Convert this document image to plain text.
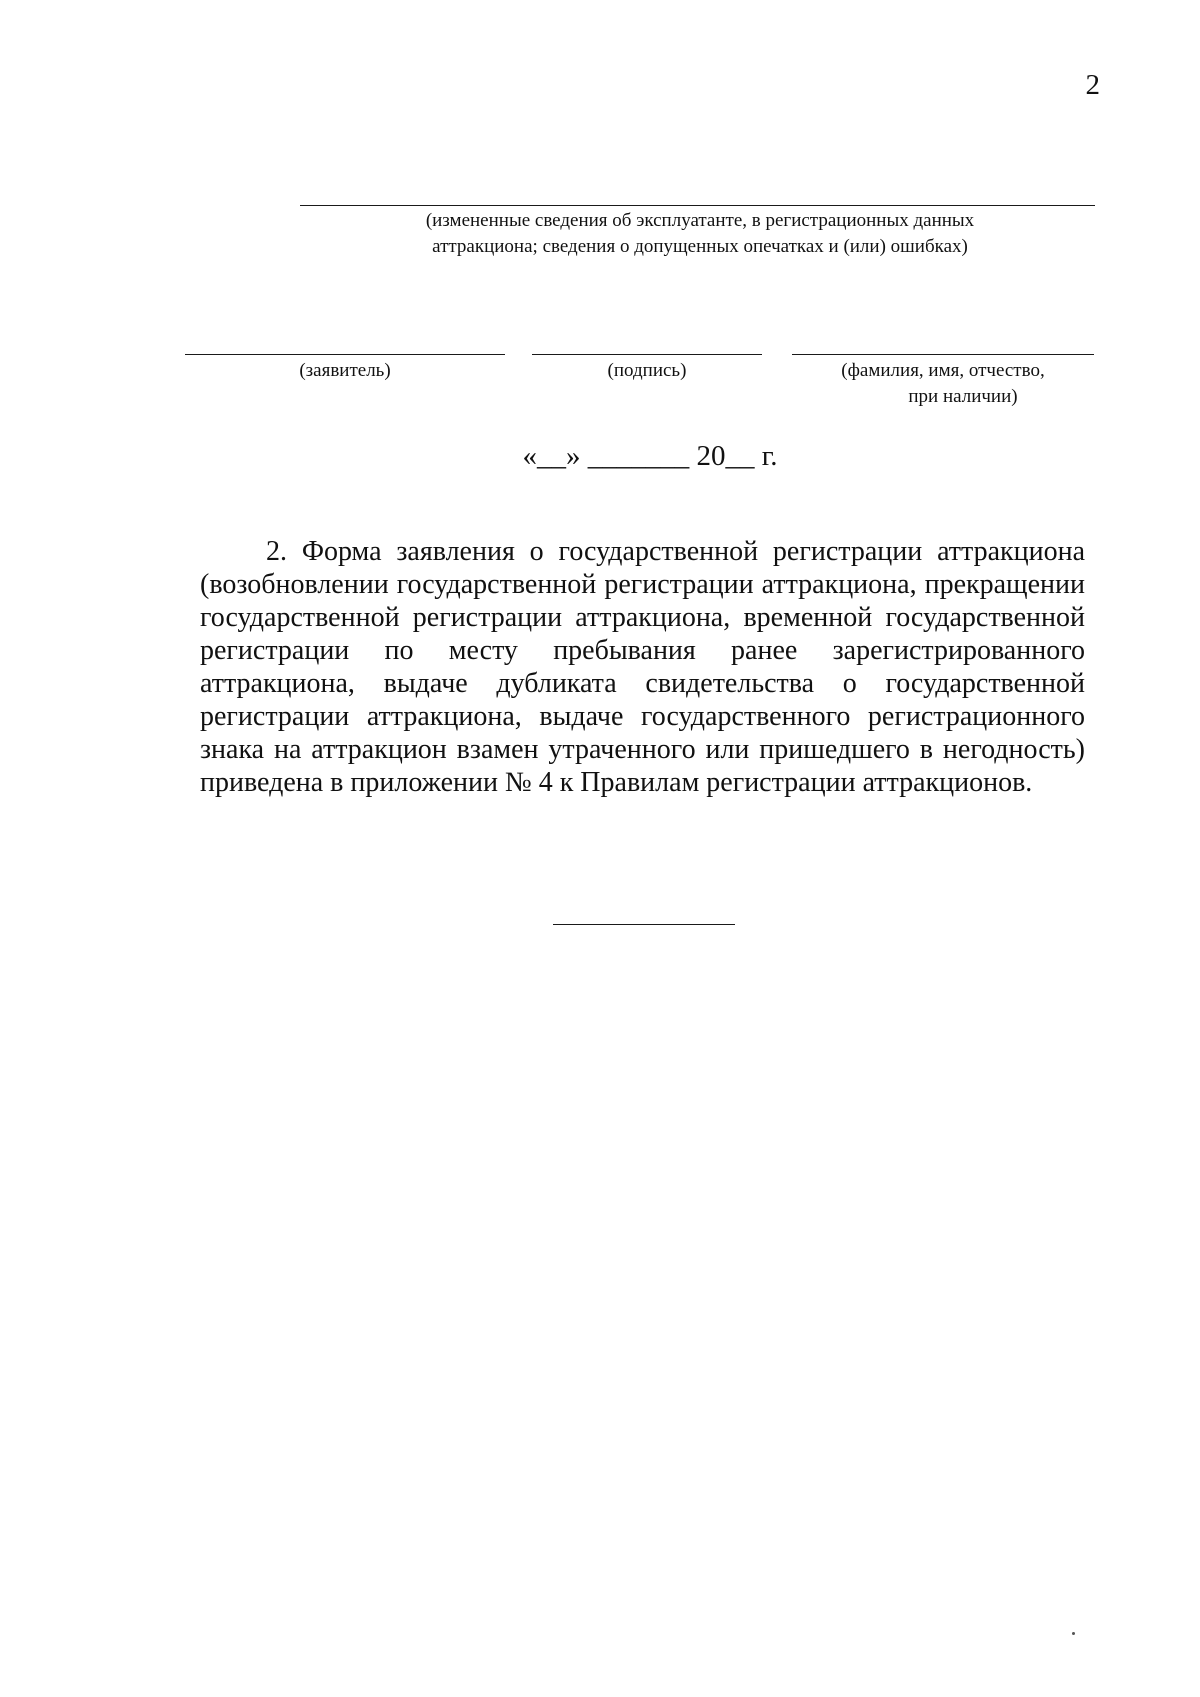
2
(измененные сведения об эксплуатанте, в регистрационных данных
аттракциона; сведения о допущенных опечатках и (или) ошибках)
(заявитель)	(подпись)	(фамилия, имя, отчество,
при наличии)
«__» _______ 20__ г.

2. Форма заявления о государственной регистрации аттракциона (возобновлении государственной регистрации аттракциона, прекращении государственной регистрации аттракциона, временной государственной регистрации по месту пребывания ранее зарегистрированного аттракциона, выдаче дубликата свидетельства о государственной регистрации аттракциона, выдаче государственного регистрационного знака на аттракцион взамен утраченного или пришедшего в негодность) приведена в приложении № 4 к Правилам регистрации аттракционов.
